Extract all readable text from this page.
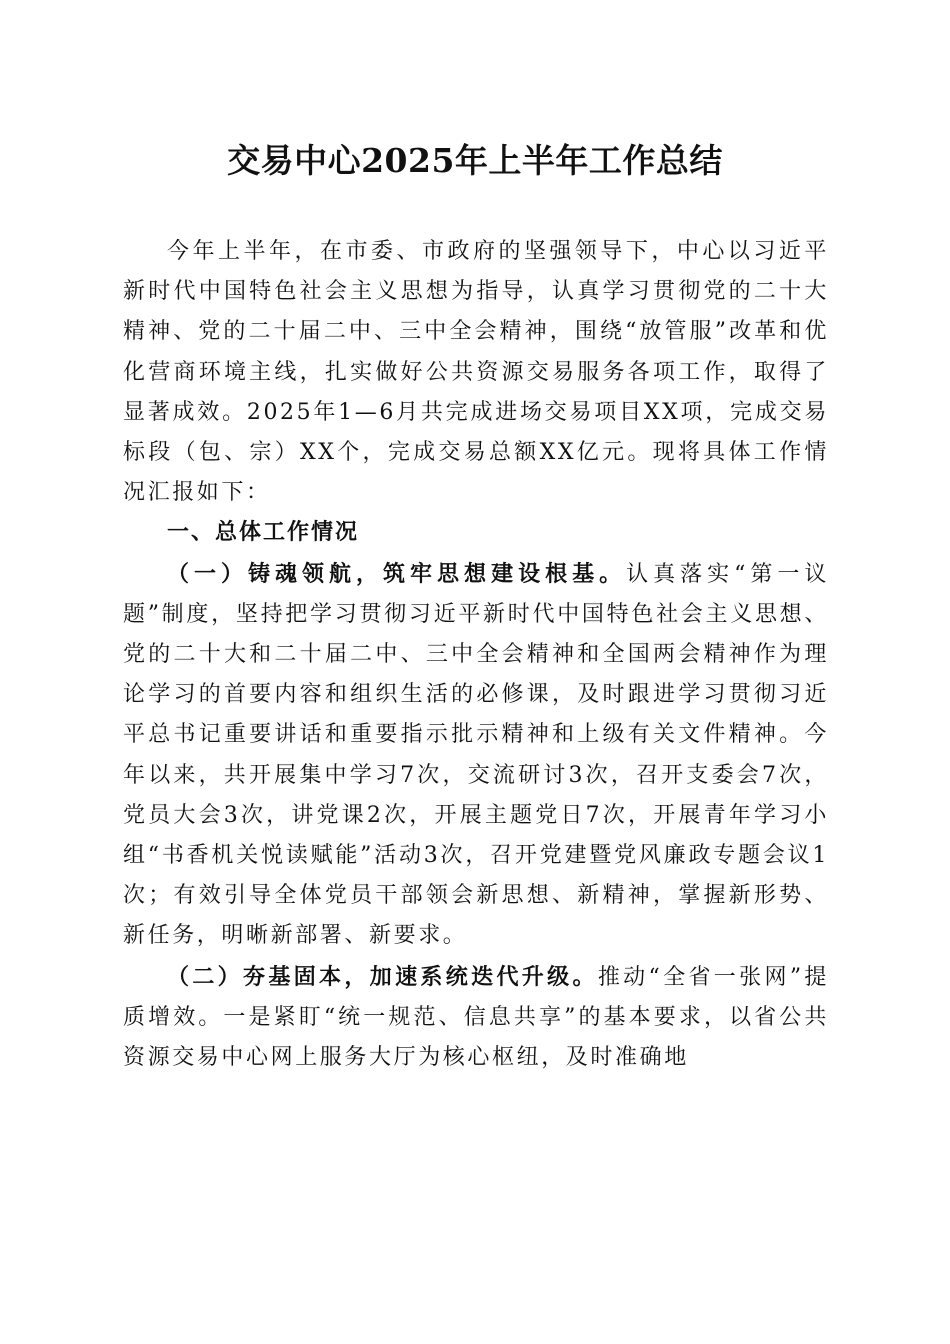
交易中心2025年上半年工作总结

今年上半年，在市委、市政府的坚强领导下，中心以习近平新时代中国特色社会主义思想为指导，认真学习贯彻党的二十大精神、党的二十届二中、三中全会精神，围绕“放管服”改革和优化营商环境主线，扎实做好公共资源交易服务各项工作，取得了显著成效。2025年1—6月共完成进场交易项目XX项，完成交易标段（包、宗）XX个，完成交易总额XX亿元。现将具体工作情况汇报如下：

一、总体工作情况

（一）铸魂领航，筑牢思想建设根基。认真落实“第一议题”制度，坚持把学习贯彻习近平新时代中国特色社会主义思想、党的二十大和二十届二中、三中全会精神和全国两会精神作为理论学习的首要内容和组织生活的必修课，及时跟进学习贯彻习近平总书记重要讲话和重要指示批示精神和上级有关文件精神。今年以来，共开展集中学习7次，交流研讨3次，召开支委会7次，党员大会3次，讲党课2次，开展主题党日7次，开展青年学习小组“书香机关悦读赋能”活动3次，召开党建暨党风廉政专题会议1次；有效引导全体党员干部领会新思想、新精神，掌握新形势、新任务，明晰新部署、新要求。

（二）夯基固本，加速系统迭代升级。推动“全省一张网”提质增效。一是紧盯“统一规范、信息共享”的基本要求，以省公共资源交易中心网上服务大厅为核心枢纽，及时准确地
